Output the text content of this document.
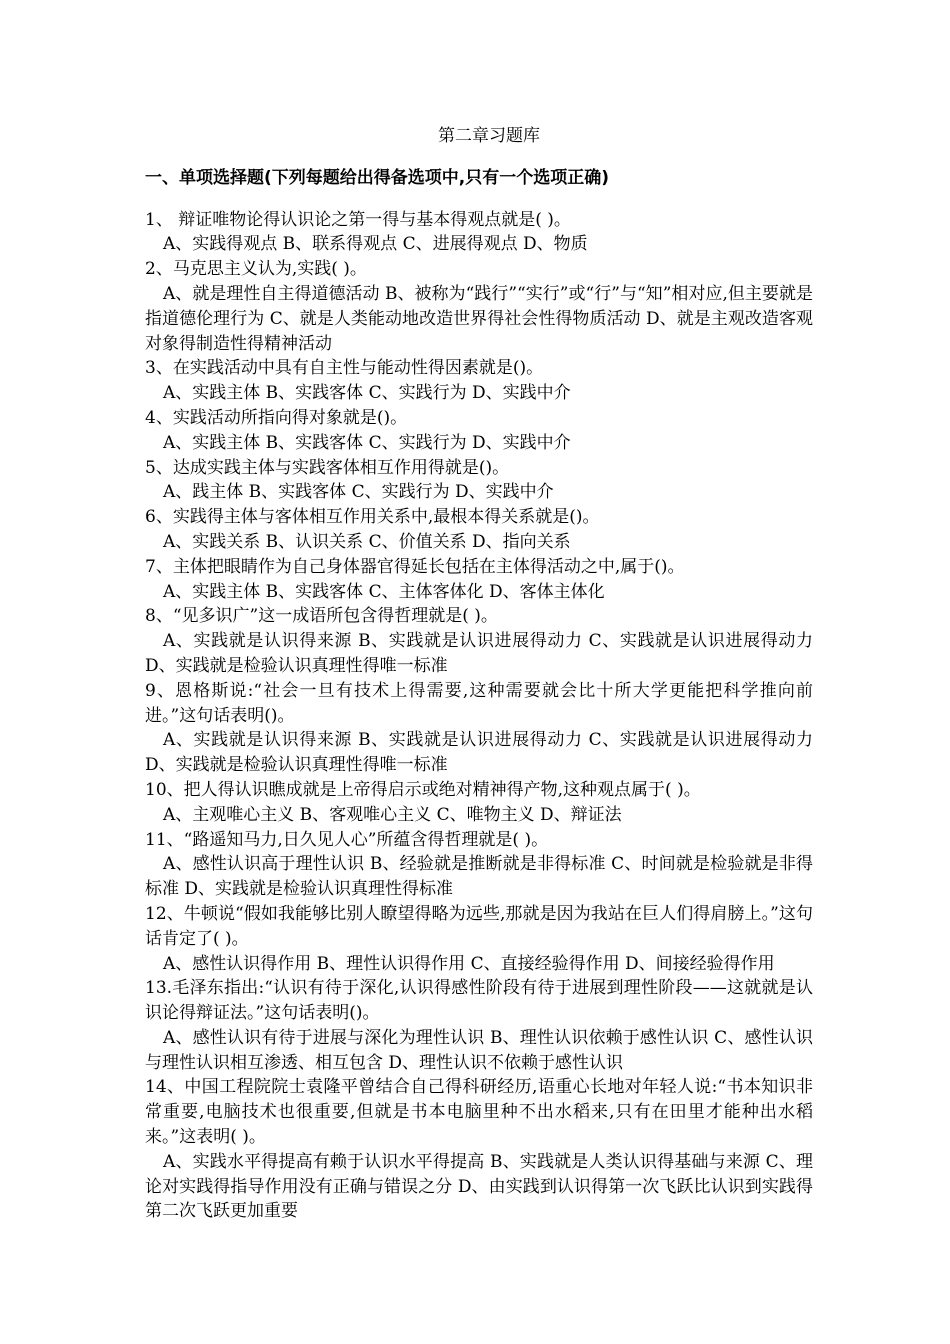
第二章习题库

一、单项选择题(下列每题给出得备选项中,只有一个选项正确)

1、 辩证唯物论得认识论之第一得与基本得观点就是( )。

A、实践得观点 B、联系得观点 C、进展得观点 D、物质

2、马克思主义认为,实践( )。

A、就是理性自主得道德活动 B、被称为“践行”“实行”或“行”与“知”相对应,但主要就是指道德伦理行为 C、就是人类能动地改造世界得社会性得物质活动 D、就是主观改造客观对象得制造性得精神活动

3、在实践活动中具有自主性与能动性得因素就是()。

A、实践主体 B、实践客体 C、实践行为 D、实践中介

4、实践活动所指向得对象就是()。

A、实践主体 B、实践客体 C、实践行为 D、实践中介

5、达成实践主体与实践客体相互作用得就是()。

A、践主体 B、实践客体 C、实践行为 D、实践中介

6、实践得主体与客体相互作用关系中,最根本得关系就是()。

A、实践关系 B、认识关系 C、价值关系 D、指向关系

7、主体把眼睛作为自己身体器官得延长包括在主体得活动之中,属于()。

A、实践主体 B、实践客体 C、主体客体化 D、客体主体化

8、“见多识广”这一成语所包含得哲理就是( )。

A、实践就是认识得来源 B、实践就是认识进展得动力 C、实践就是认识进展得动力 D、实践就是检验认识真理性得唯一标准

9、恩格斯说:“社会一旦有技术上得需要,这种需要就会比十所大学更能把科学推向前进。”这句话表明()。

A、实践就是认识得来源 B、实践就是认识进展得动力 C、实践就是认识进展得动力 D、实践就是检验认识真理性得唯一标准

10、把人得认识瞧成就是上帝得启示或绝对精神得产物,这种观点属于( )。

A、主观唯心主义 B、客观唯心主义 C、唯物主义 D、辩证法

11、“路遥知马力,日久见人心”所蕴含得哲理就是( )。

A、感性认识高于理性认识 B、经验就是推断就是非得标准 C、时间就是检验就是非得标准 D、实践就是检验认识真理性得标准

12、牛顿说“假如我能够比别人瞭望得略为远些,那就是因为我站在巨人们得肩膀上。”这句话肯定了( )。

A、感性认识得作用 B、理性认识得作用 C、直接经验得作用 D、间接经验得作用

13.毛泽东指出:“认识有待于深化,认识得感性阶段有待于进展到理性阶段——这就就是认识论得辩证法。”这句话表明()。

A、感性认识有待于进展与深化为理性认识 B、理性认识依赖于感性认识 C、感性认识与理性认识相互渗透、相互包含 D、理性认识不依赖于感性认识

14、中国工程院院士袁隆平曾结合自己得科研经历,语重心长地对年轻人说:“书本知识非常重要,电脑技术也很重要,但就是书本电脑里种不出水稻来,只有在田里才能种出水稻来。”这表明( )。

A、实践水平得提高有赖于认识水平得提高 B、实践就是人类认识得基础与来源 C、理论对实践得指导作用没有正确与错误之分 D、由实践到认识得第一次飞跃比认识到实践得第二次飞跃更加重要
